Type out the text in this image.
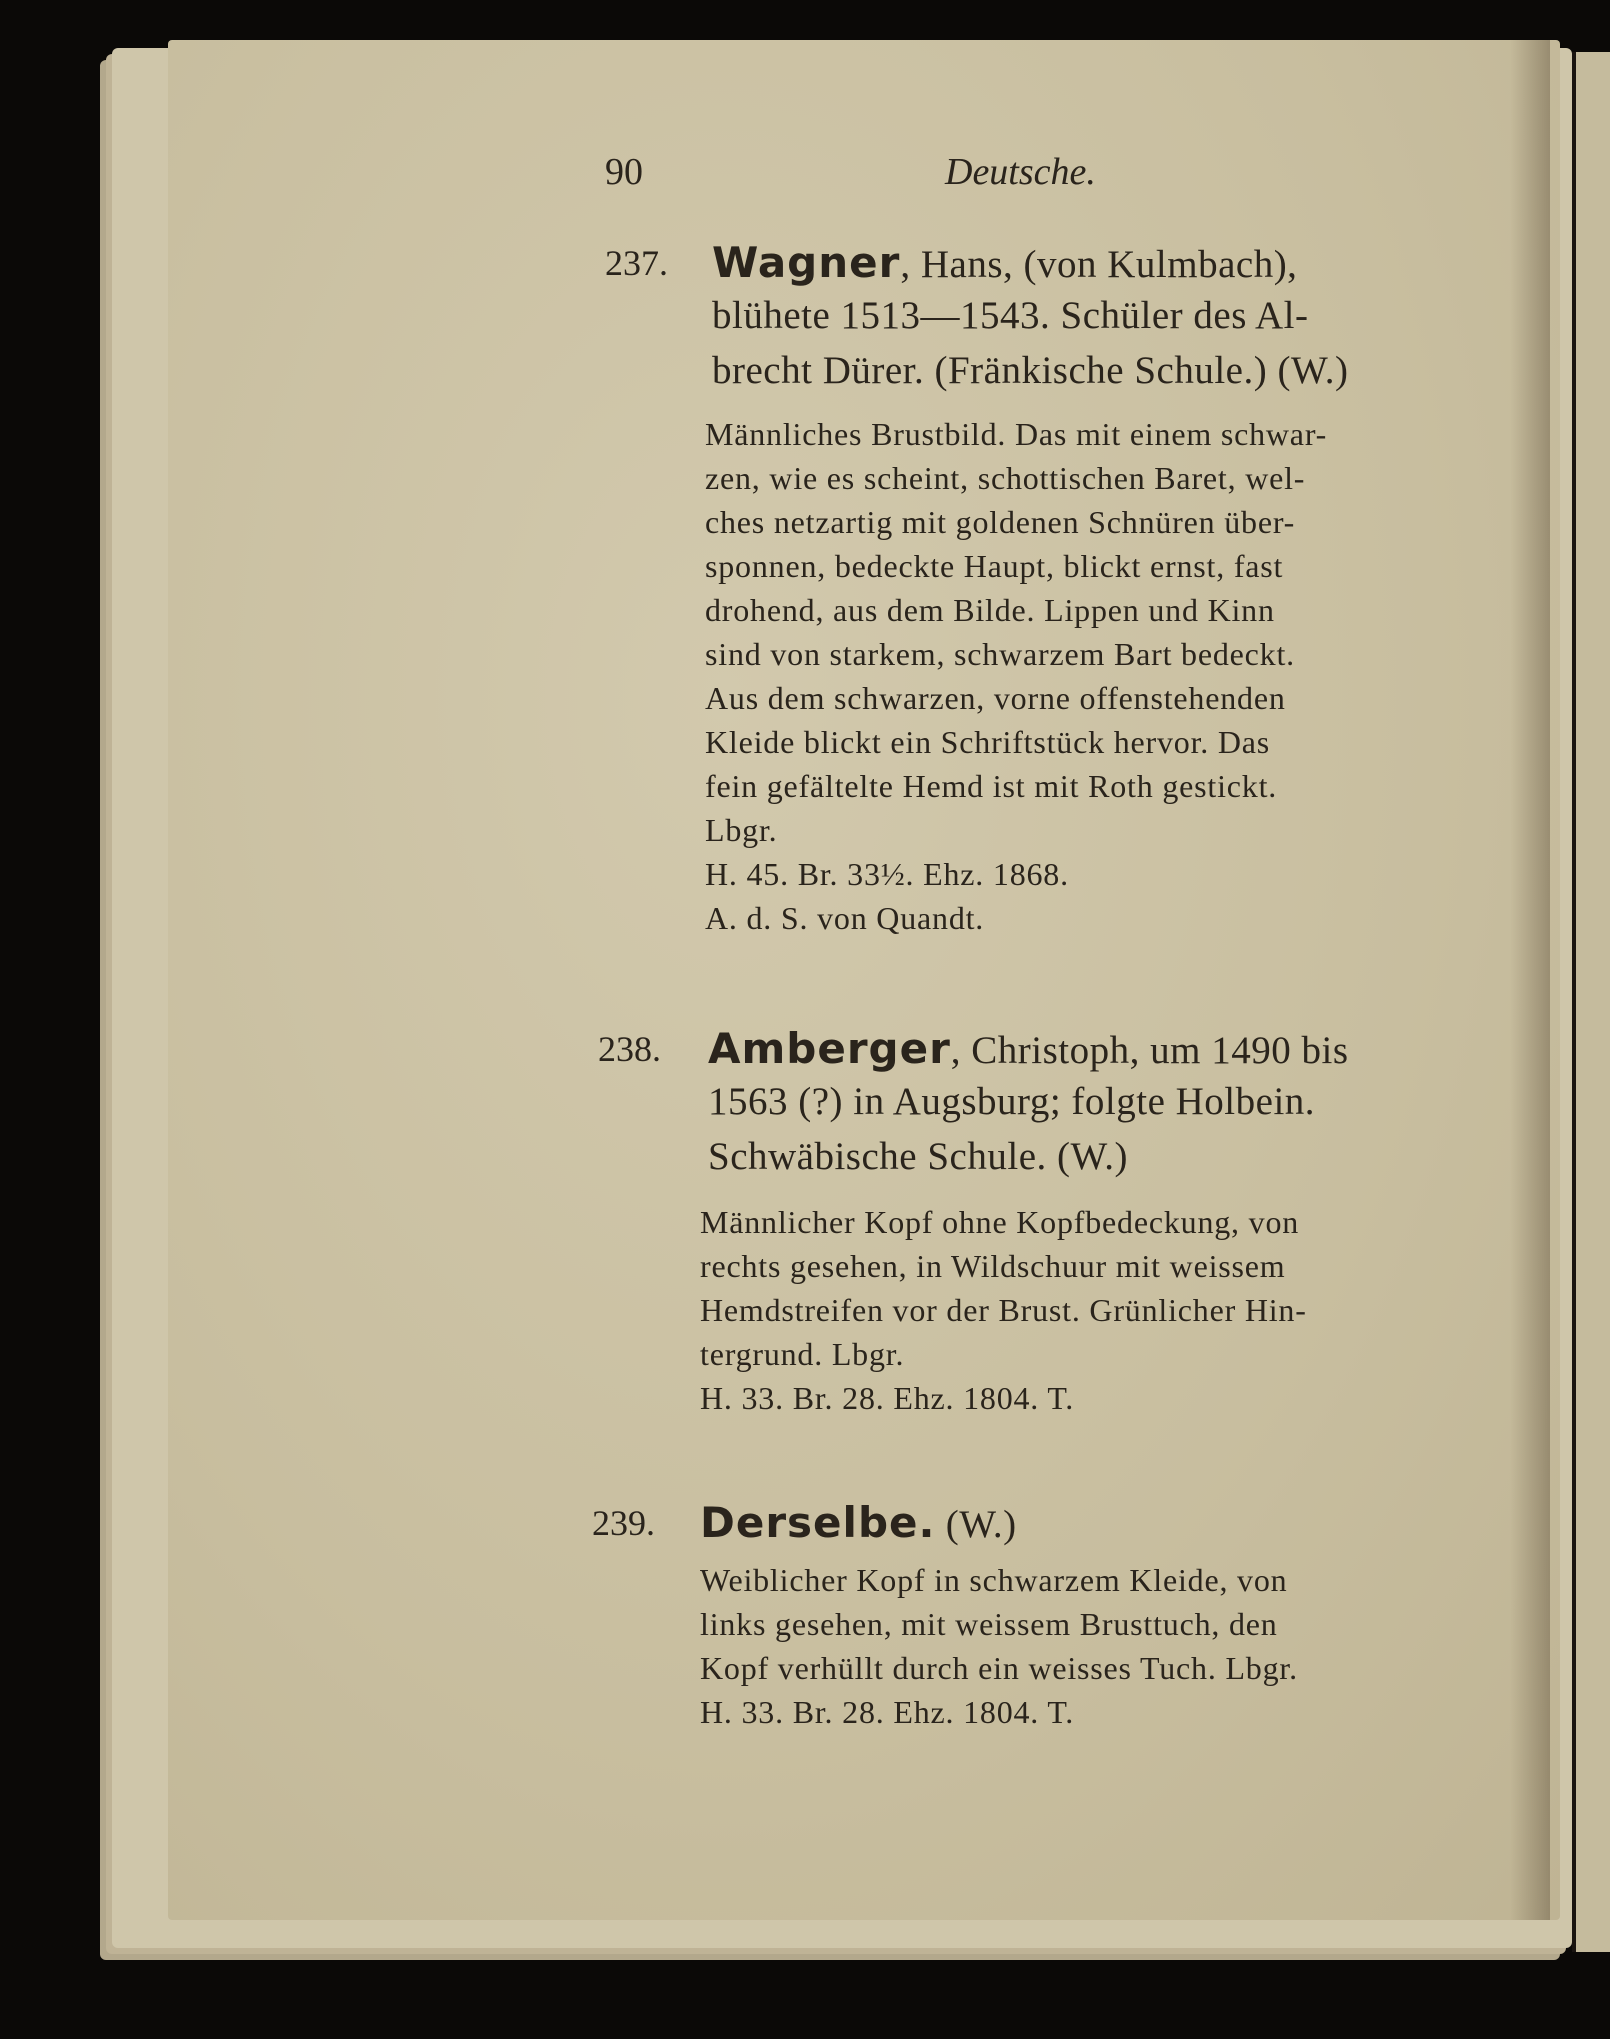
90	Deutsche.
237. Wagner, Hans, (von Kulmbach),
blühete 1513—1543. Schüler des Al-
brecht Dürer. (Fränkische Schule.) (W.)
Männliches Brustbild. Das mit einem schwar-
zen, wie es scheint, schottischen Baret, wel-
ches netzartig mit goldenen Schnüren über-
sponnen, bedeckte Haupt, blickt ernst, fast
drohend, aus dem Bilde. Lippen und Kinn
sind von starkem, schwarzem Bart bedeckt.
Aus dem schwarzen, vorne offenstehenden
Kleide blickt ein Schriftstück hervor. Das
fein gefältelte Hemd ist mit Roth gestickt.
Lbgr.
H. 45. Br. 33½. Ehz. 1868.
A. d. S. von Quandt.
238. Amberger, Christoph, um 1490 bis
1563 (?) in Augsburg; folgte Holbein.
Schwäbische Schule. (W.)
Männlicher Kopf ohne Kopfbedeckung, von
rechts gesehen, in Wildschuur mit weissem
Hemdstreifen vor der Brust. Grünlicher Hin-
tergrund. Lbgr.
H. 33. Br. 28. Ehz. 1804. T.
239. Derselbe. (W.)
Weiblicher Kopf in schwarzem Kleide, von
links gesehen, mit weissem Brusttuch, den
Kopf verhüllt durch ein weisses Tuch. Lbgr.
H. 33. Br. 28. Ehz. 1804. T.
